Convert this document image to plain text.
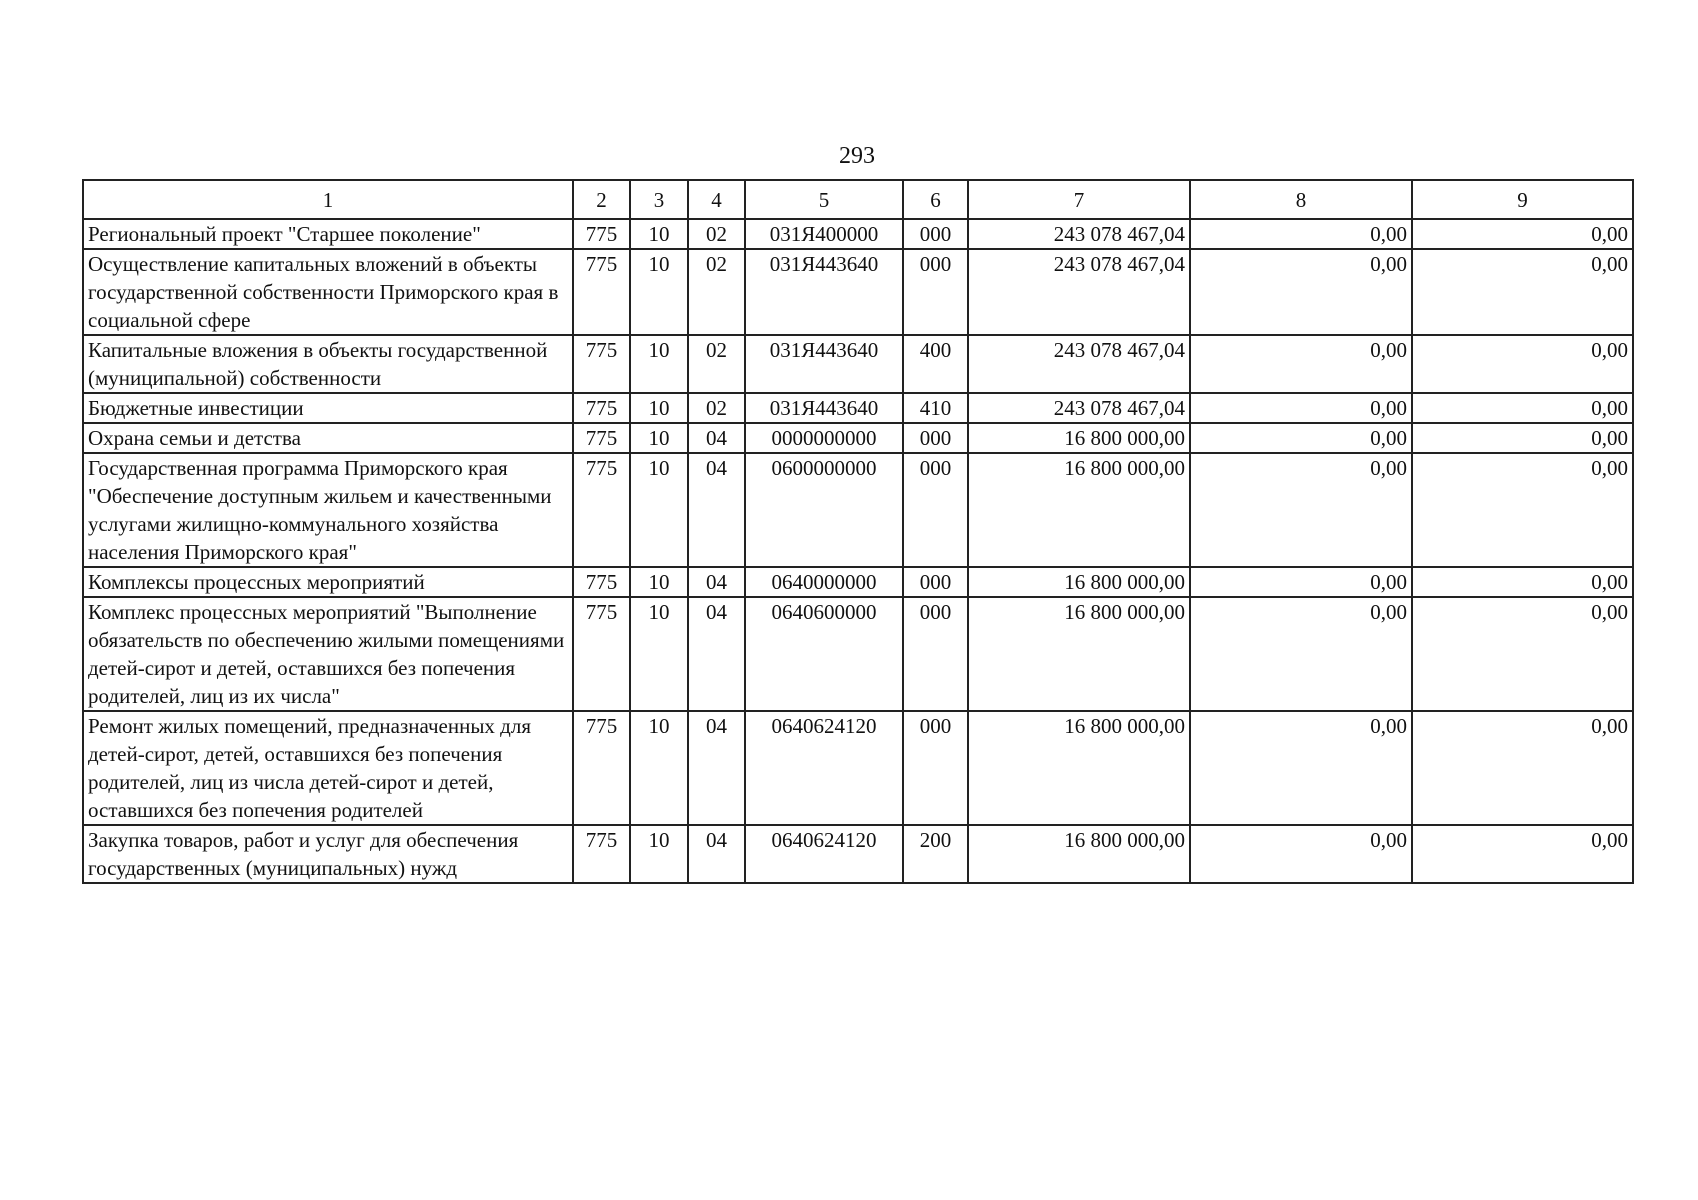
293
1	2	3	4	5	6	7	8	9
Региональный проект "Старшее поколение"	775	10	02	031Я400000	000	243 078 467,04	0,00	0,00
Осуществление капитальных вложений в объекты государственной собственности Приморского края в социальной сфере	775	10	02	031Я443640	000	243 078 467,04	0,00	0,00
Капитальные вложения в объекты государственной (муниципальной) собственности	775	10	02	031Я443640	400	243 078 467,04	0,00	0,00
Бюджетные инвестиции	775	10	02	031Я443640	410	243 078 467,04	0,00	0,00
Охрана семьи и детства	775	10	04	0000000000	000	16 800 000,00	0,00	0,00
Государственная программа Приморского края "Обеспечение доступным жильем и качественными услугами жилищно-коммунального хозяйства населения Приморского края"	775	10	04	0600000000	000	16 800 000,00	0,00	0,00
Комплексы процессных мероприятий	775	10	04	0640000000	000	16 800 000,00	0,00	0,00
Комплекс процессных мероприятий "Выполнение обязательств по обеспечению жилыми помещениями детей-сирот и детей, оставшихся без попечения родителей, лиц из их числа"	775	10	04	0640600000	000	16 800 000,00	0,00	0,00
Ремонт жилых помещений, предназначенных для детей-сирот, детей, оставшихся без попечения родителей, лиц из числа детей-сирот и детей, оставшихся без попечения родителей	775	10	04	0640624120	000	16 800 000,00	0,00	0,00
Закупка товаров, работ и услуг для обеспечения государственных (муниципальных) нужд	775	10	04	0640624120	200	16 800 000,00	0,00	0,00
